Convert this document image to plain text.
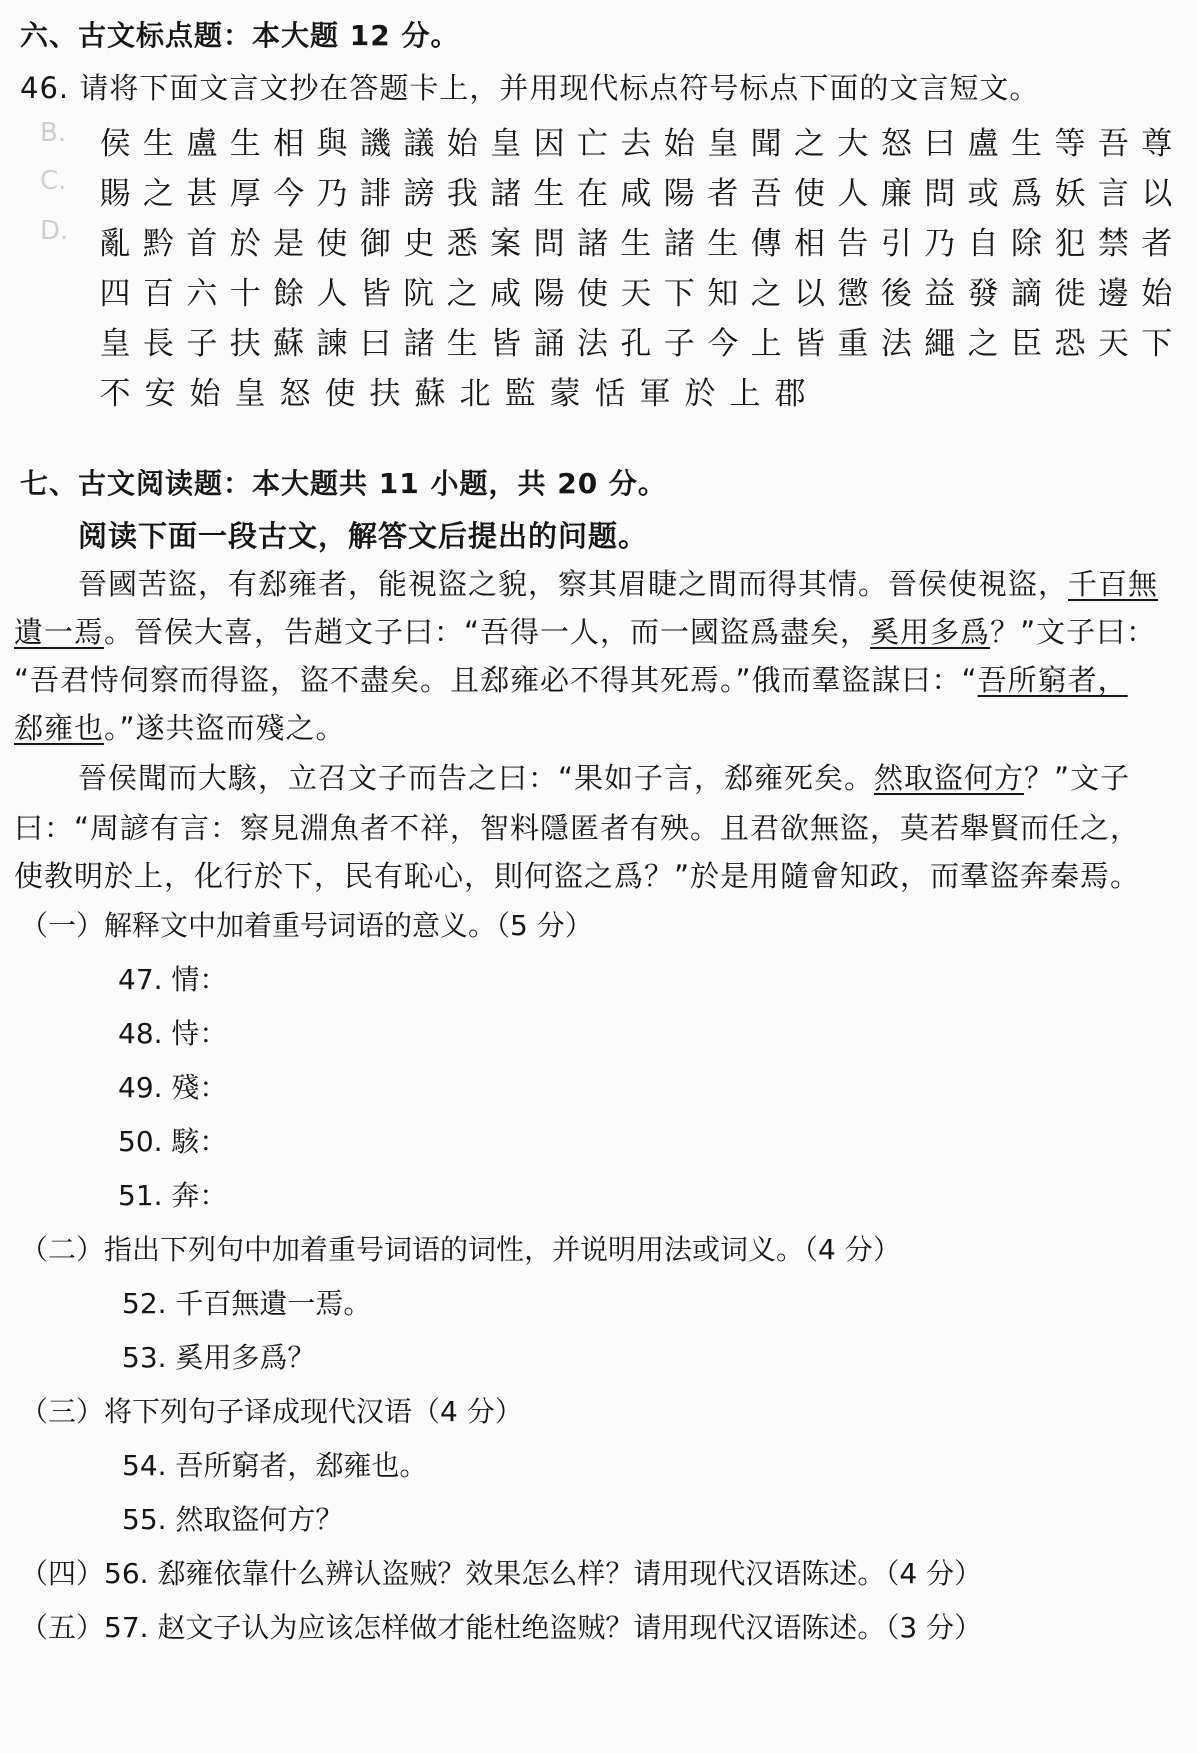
B.
C.
D.
六、古文标点题：本大题 12 分。
46. 请将下面文言文抄在答题卡上，并用现代标点符号标点下面的文言短文。
侯 生 盧 生 相 與 譏 議 始 皇 因 亡 去 始 皇 聞 之 大 怒 曰 盧 生 等 吾 尊
賜 之 甚 厚 今 乃 誹 謗 我 諸 生 在 咸 陽 者 吾 使 人 廉 問 或 爲 妖 言 以
亂 黔 首 於 是 使 御 史 悉 案 問 諸 生 諸 生 傳 相 告 引 乃 自 除 犯 禁 者
四 百 六 十 餘 人 皆 阬 之 咸 陽 使 天 下 知 之 以 懲 後 益 發 謫 徙 邊 始
皇 長 子 扶 蘇 諫 曰 諸 生 皆 誦 法 孔 子 今 上 皆 重 法 繩 之 臣 恐 天 下
不 安 始 皇 怒 使 扶 蘇 北 監 蒙 恬 軍 於 上 郡
七、古文阅读题：本大题共 11 小题，共 20 分。
阅读下面一段古文，解答文后提出的问题。
晉國苦盜，有郄雍者，能視盜之貌，察其眉睫之間而得其情。晉侯使視盜，千百無
遺一焉。晉侯大喜，告趙文子曰：“吾得一人，而一國盜爲盡矣，奚用多爲？”文子曰：
“吾君恃伺察而得盜，盜不盡矣。且郄雍必不得其死焉。”俄而羣盜謀曰：“吾所窮者，
郄雍也。”遂共盜而殘之。
晉侯聞而大駭，立召文子而告之曰：“果如子言，郄雍死矣。然取盜何方？”文子
曰：“周諺有言：察見淵魚者不祥，智料隱匿者有殃。且君欲無盜，莫若舉賢而任之，
使教明於上，化行於下，民有恥心，則何盜之爲？”於是用隨會知政，而羣盜奔秦焉。
（一）解释文中加着重号词语的意义。（5 分）
47. 情：
48. 恃：
49. 殘：
50. 駭：
51. 奔：
（二）指出下列句中加着重号词语的词性，并说明用法或词义。（4 分）
52. 千百無遺一焉。
53. 奚用多爲？
（三）将下列句子译成现代汉语（4 分）
54. 吾所窮者，郄雍也。
55. 然取盜何方？
（四）56. 郄雍依靠什么辨认盗贼？效果怎么样？请用现代汉语陈述。（4 分）
（五）57. 赵文子认为应该怎样做才能杜绝盗贼？请用现代汉语陈述。（3 分）
